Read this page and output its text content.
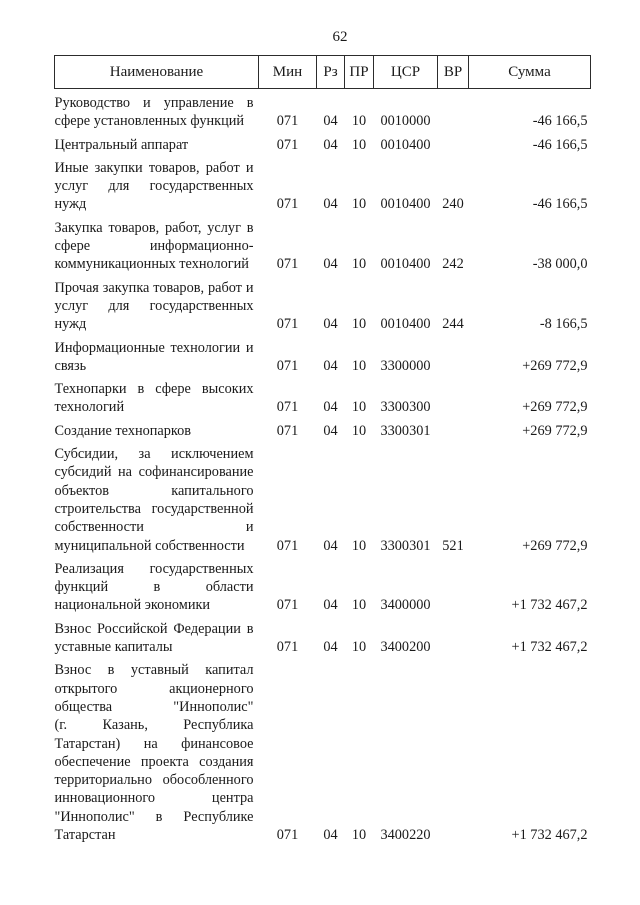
62
Наименование	Мин	Рз	ПР	ЦСР	ВР	Сумма
Руководство и управление в сфере установленных функций	071	04	10	0010000		-46 166,5
Центральный аппарат	071	04	10	0010400		-46 166,5
Иные закупки товаров, работ и услуг для государственных нужд	071	04	10	0010400	240	-46 166,5
Закупка товаров, работ, услуг в сфере информационно-коммуникационных технологий	071	04	10	0010400	242	-38 000,0
Прочая закупка товаров, работ и услуг для государственных нужд	071	04	10	0010400	244	-8 166,5
Информационные технологии и связь	071	04	10	3300000		+269 772,9
Технопарки в сфере высоких технологий	071	04	10	3300300		+269 772,9
Создание технопарков	071	04	10	3300301		+269 772,9
Субсидии, за исключением субсидий на софинансирование объектов капитального строительства государственной собственности и муниципальной собственности	071	04	10	3300301	521	+269 772,9
Реализация государственных функций в области национальной экономики	071	04	10	3400000		+1 732 467,2
Взнос Российской Федерации в уставные капиталы	071	04	10	3400200		+1 732 467,2
Взнос в уставный капитал открытого акционерного общества "Иннополис" (г. Казань, Республика Татарстан) на финансовое обеспечение проекта создания территориально обособленного инновационного центра "Иннополис" в Республике Татарстан	071	04	10	3400220		+1 732 467,2
